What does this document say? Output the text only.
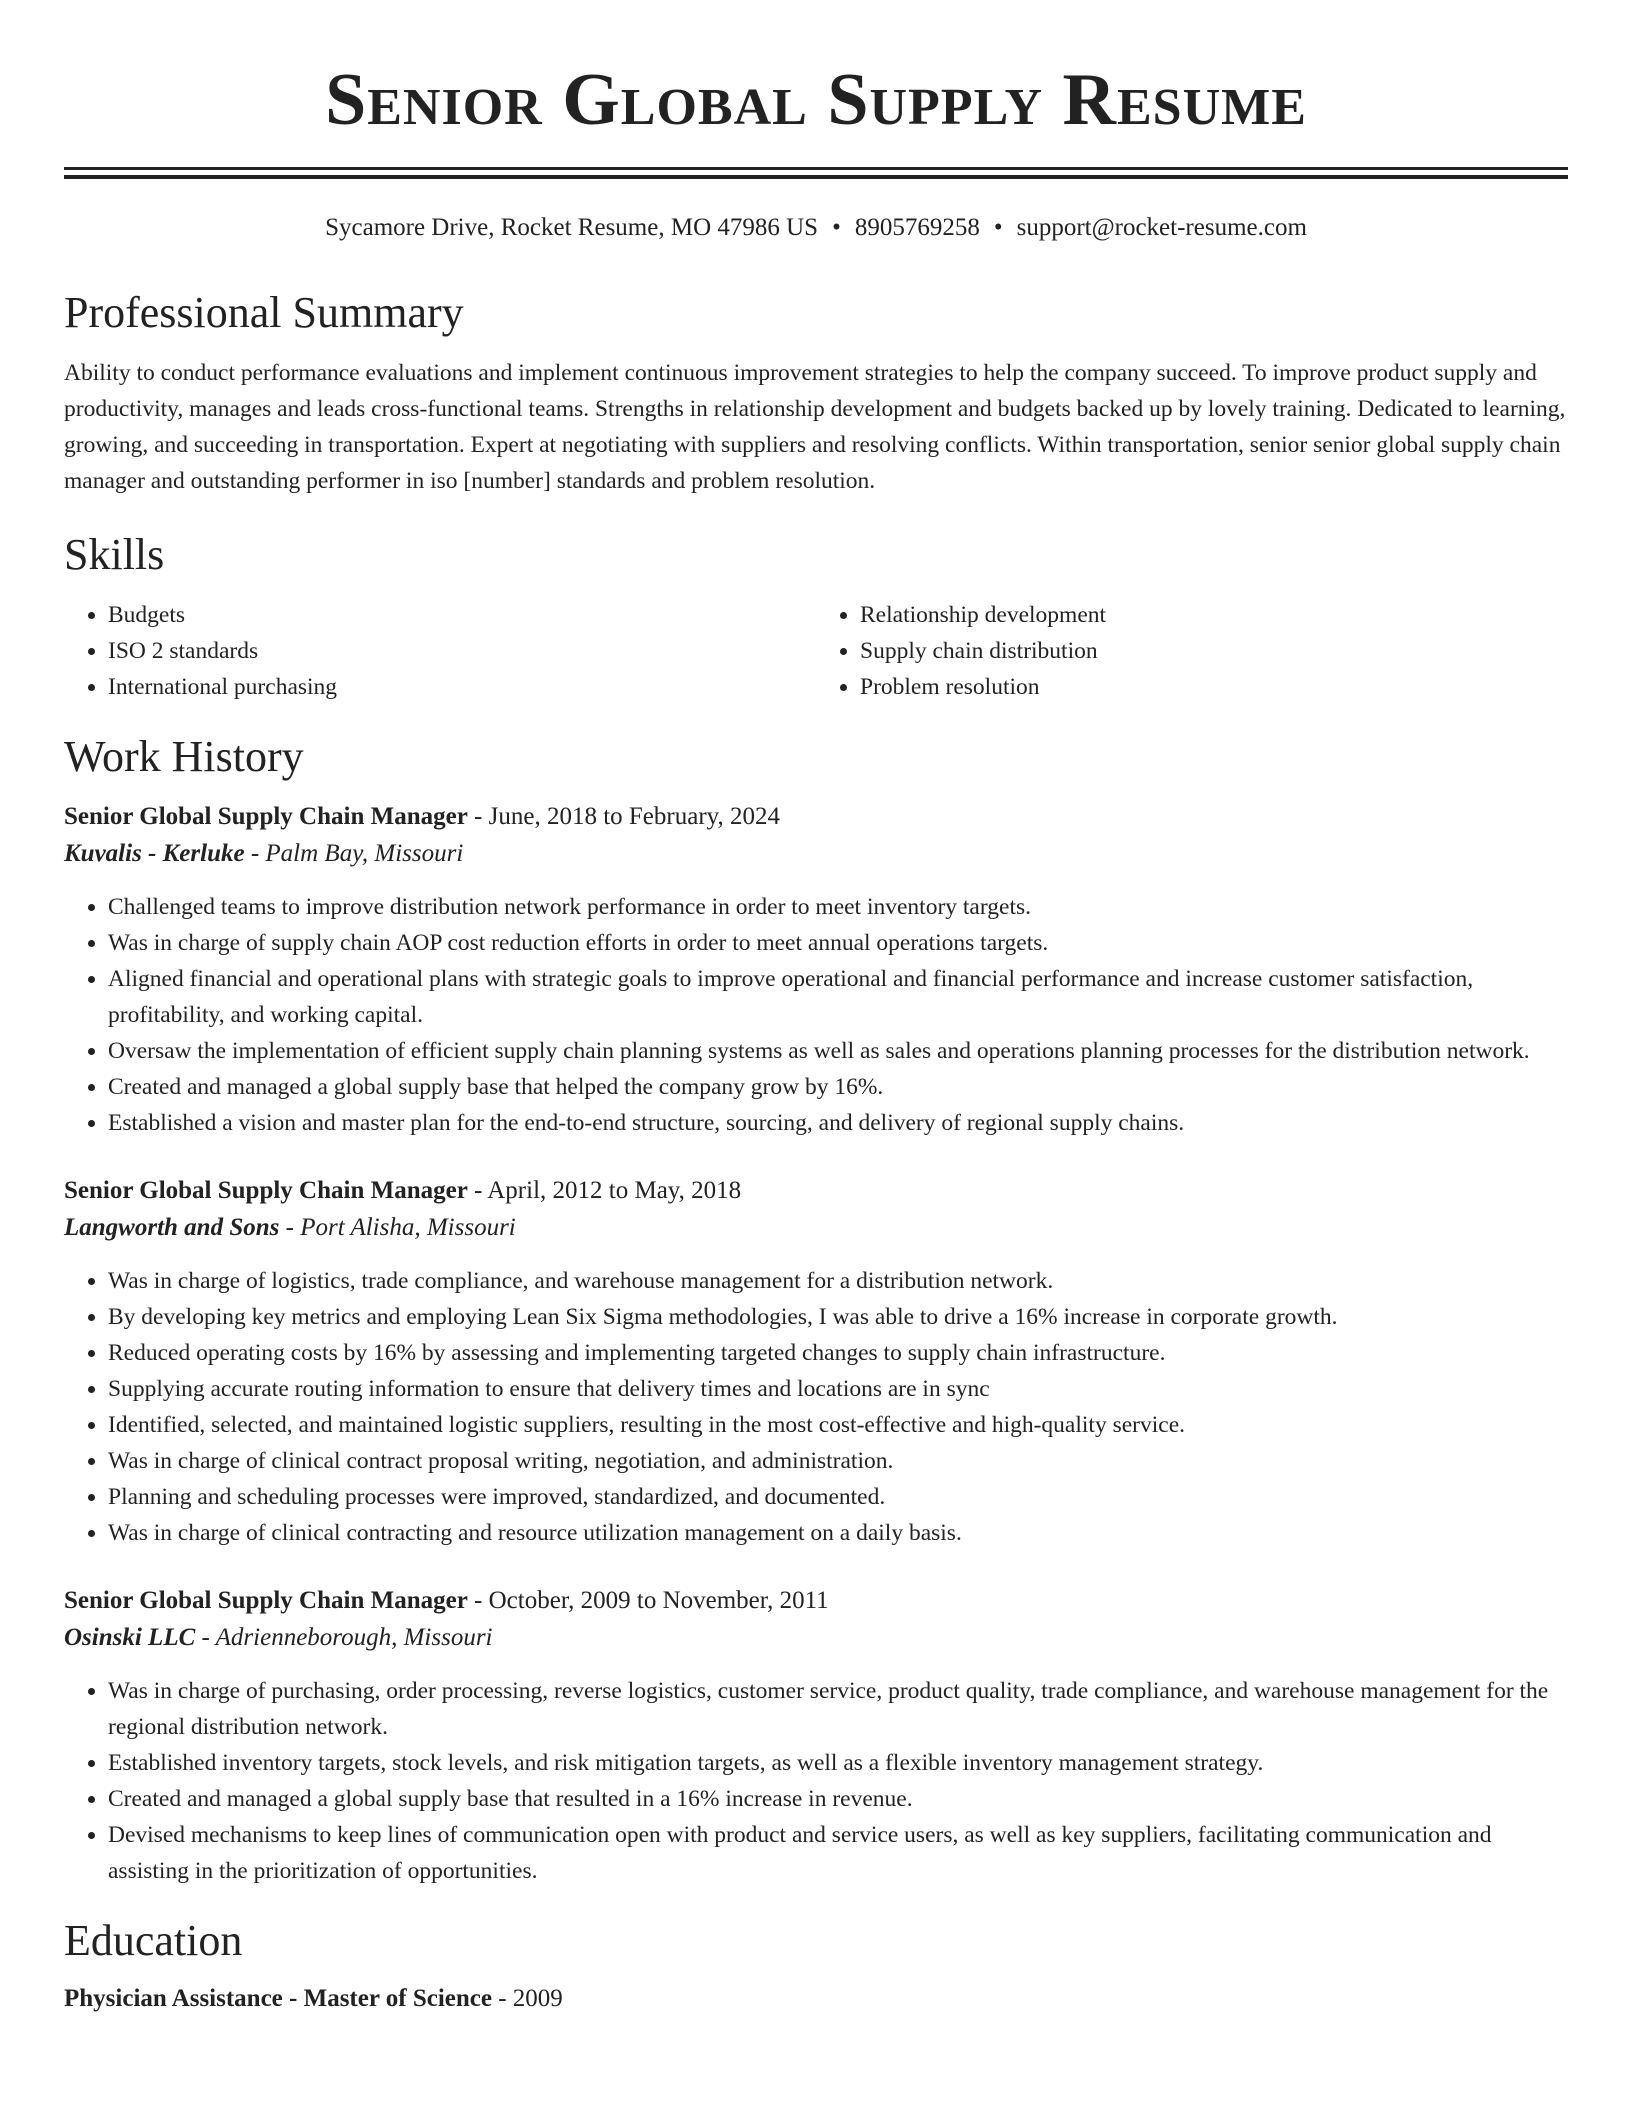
Senior Global Supply Resume
Sycamore Drive, Rocket Resume, MO 47986 US • 8905769258 • support@rocket-resume.com
Professional Summary

Ability to conduct performance evaluations and implement continuous improvement strategies to help the company succeed. To improve product supply and productivity, manages and leads cross-functional teams. Strengths in relationship development and budgets backed up by lovely training. Dedicated to learning, growing, and succeeding in transportation. Expert at negotiating with suppliers and resolving conflicts. Within transportation, senior senior global supply chain manager and outstanding performer in iso [number] standards and problem resolution.

Skills
• Budgets
• ISO 2 standards
• International purchasing
• Relationship development
• Supply chain distribution
• Problem resolution
Work History
Senior Global Supply Chain Manager - June, 2018 to February, 2024
Kuvalis - Kerluke - Palm Bay, Missouri
• Challenged teams to improve distribution network performance in order to meet inventory targets.
• Was in charge of supply chain AOP cost reduction efforts in order to meet annual operations targets.
• Aligned financial and operational plans with strategic goals to improve operational and financial performance and increase customer satisfaction, profitability, and working capital.
• Oversaw the implementation of efficient supply chain planning systems as well as sales and operations planning processes for the distribution network.
• Created and managed a global supply base that helped the company grow by 16%.
• Established a vision and master plan for the end-to-end structure, sourcing, and delivery of regional supply chains.
Senior Global Supply Chain Manager - April, 2012 to May, 2018
Langworth and Sons - Port Alisha, Missouri
• Was in charge of logistics, trade compliance, and warehouse management for a distribution network.
• By developing key metrics and employing Lean Six Sigma methodologies, I was able to drive a 16% increase in corporate growth.
• Reduced operating costs by 16% by assessing and implementing targeted changes to supply chain infrastructure.
• Supplying accurate routing information to ensure that delivery times and locations are in sync
• Identified, selected, and maintained logistic suppliers, resulting in the most cost-effective and high-quality service.
• Was in charge of clinical contract proposal writing, negotiation, and administration.
• Planning and scheduling processes were improved, standardized, and documented.
• Was in charge of clinical contracting and resource utilization management on a daily basis.
Senior Global Supply Chain Manager - October, 2009 to November, 2011
Osinski LLC - Adrienneborough, Missouri
• Was in charge of purchasing, order processing, reverse logistics, customer service, product quality, trade compliance, and warehouse management for the regional distribution network.
• Established inventory targets, stock levels, and risk mitigation targets, as well as a flexible inventory management strategy.
• Created and managed a global supply base that resulted in a 16% increase in revenue.
• Devised mechanisms to keep lines of communication open with product and service users, as well as key suppliers, facilitating communication and assisting in the prioritization of opportunities.
Education
Physician Assistance - Master of Science - 2009
